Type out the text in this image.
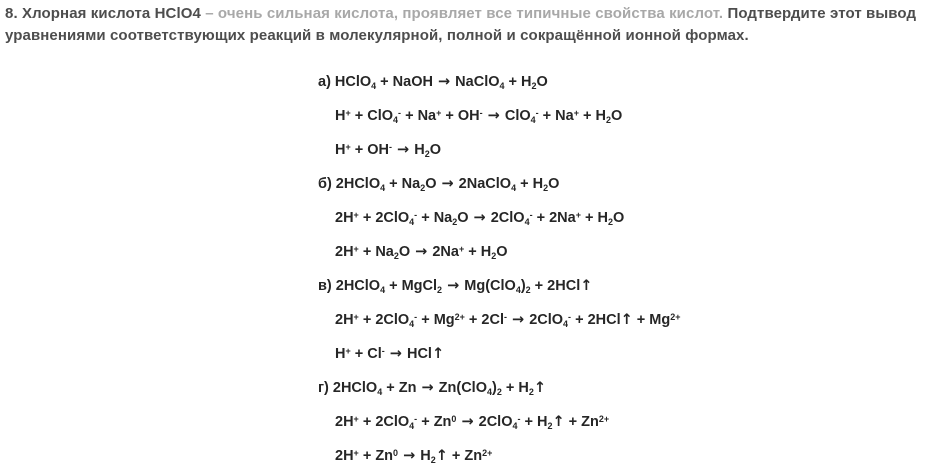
8. Хлорная кислота HClO4 – очень сильная кислота, проявляет все типичные свойства кислот. Подтвердите этот вывод уравнениями соответствующих реакций в молекулярной, полной и сокращённой ионной формах.

а) HClO$_4$ + NaOH → NaClO$_4$ + $H_2O$
$H^+ + ClO_4^- + Na^+ + OH^- \to ClO_4^- + Na^+ + H_2O$
$H^+ + OH^- \to H_2O$
б) 2HClO$_4$ + $Na_2O$ → 2NaClO$_4$ + $H_2O$
$2H^+ + 2ClO_4^- + Na_2O \to 2ClO_4^- + 2Na^+ + H_2O$
$2H^+ + Na_2O \to 2Na^+ + H_2O$
в) 2HClO$_4$ + MgCl$_2$ → $Mg(ClO_4)_2$ + 2HCl↑
$2H^+ + 2ClO_4^- + Mg^{2+} + 2Cl^- \to 2ClO_4^-$ + 2HCl↑ + $Mg^{2+}$
H+ + Cl- → HCl↑
г) 2HClO$_4$ + $Zn \to Zn(ClO_4)_2$ + $H_2↑$
$2H^+ + 2ClO_4^- + Zn^0 \to 2ClO_4^-$ + $H_2↑ + Zn^{2+}$
$2H^+ + Zn^0$ → $H_2↑ + Zn^{2+}$
